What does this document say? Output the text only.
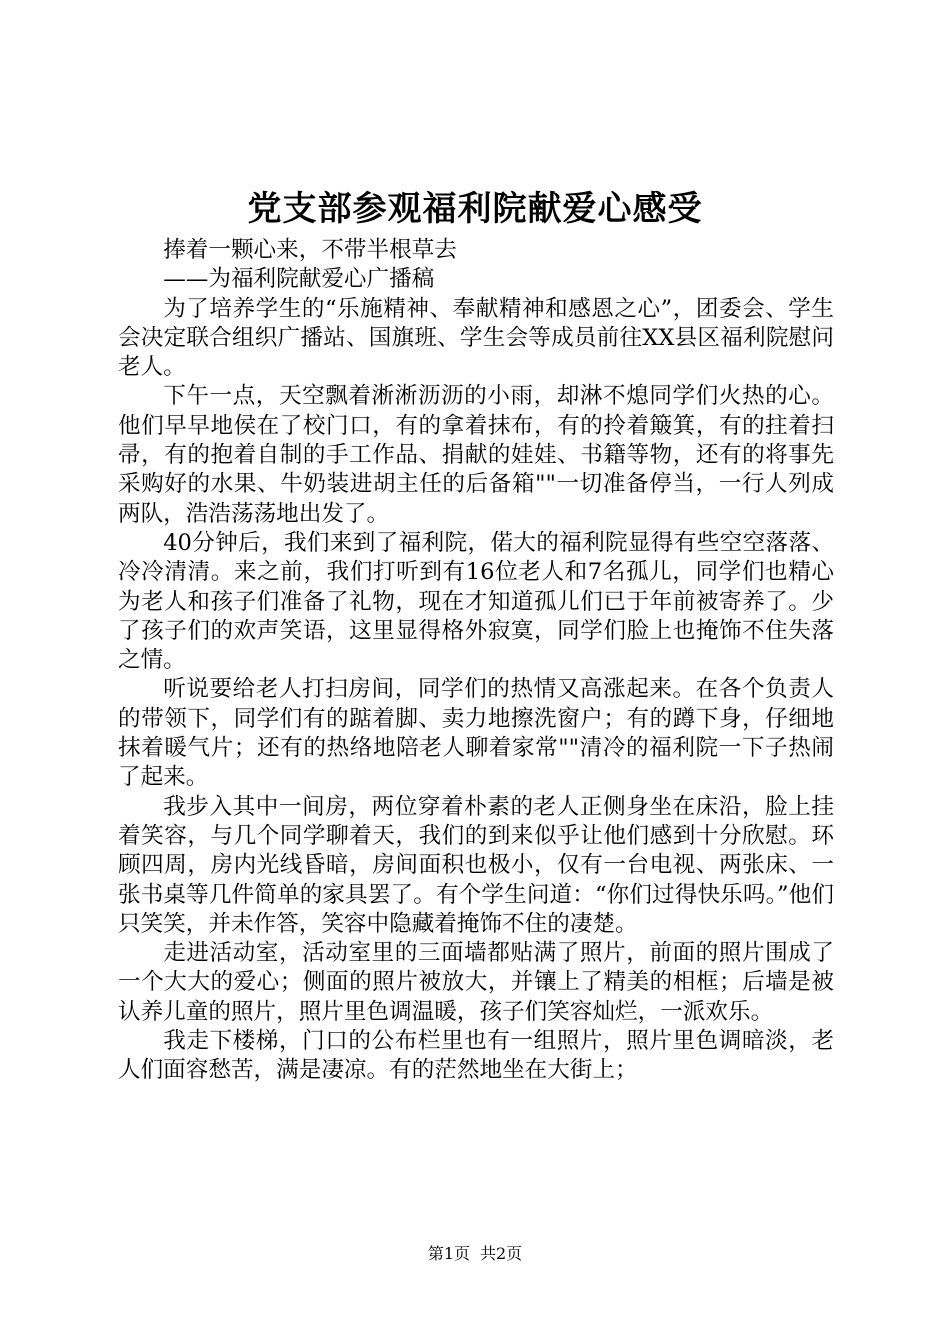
党支部参观福利院献爱心感受

捧着一颗心来，不带半根草去

——为福利院献爱心广播稿

为了培养学生的“乐施精神、奉献精神和感恩之心”，团委会、学生会决定联合组织广播站、国旗班、学生会等成员前往XX县区福利院慰问老人。

下午一点，天空飘着淅淅沥沥的小雨，却淋不熄同学们火热的心。他们早早地侯在了校门口，有的拿着抹布，有的拎着簸箕，有的拄着扫帚，有的抱着自制的手工作品、捐献的娃娃、书籍等物，还有的将事先采购好的水果、牛奶装进胡主任的后备箱""一切准备停当，一行人列成两队，浩浩荡荡地出发了。

40分钟后，我们来到了福利院，偌大的福利院显得有些空空落落、冷冷清清。来之前，我们打听到有16位老人和7名孤儿，同学们也精心为老人和孩子们准备了礼物，现在才知道孤儿们已于年前被寄养了。少了孩子们的欢声笑语，这里显得格外寂寞，同学们脸上也掩饰不住失落之情。

听说要给老人打扫房间，同学们的热情又高涨起来。在各个负责人的带领下，同学们有的踮着脚、卖力地擦洗窗户；有的蹲下身，仔细地抹着暖气片；还有的热络地陪老人聊着家常""清冷的福利院一下子热闹了起来。

我步入其中一间房，两位穿着朴素的老人正侧身坐在床沿，脸上挂着笑容，与几个同学聊着天，我们的到来似乎让他们感到十分欣慰。环顾四周，房内光线昏暗，房间面积也极小，仅有一台电视、两张床、一张书桌等几件简单的家具罢了。有个学生问道：“你们过得快乐吗。”他们只笑笑，并未作答，笑容中隐藏着掩饰不住的凄楚。

走进活动室，活动室里的三面墙都贴满了照片，前面的照片围成了一个大大的爱心；侧面的照片被放大，并镶上了精美的相框；后墙是被认养儿童的照片，照片里色调温暖，孩子们笑容灿烂，一派欢乐。

我走下楼梯，门口的公布栏里也有一组照片，照片里色调暗淡，老人们面容愁苦，满是凄凉。有的茫然地坐在大街上；

第1页 共2页
